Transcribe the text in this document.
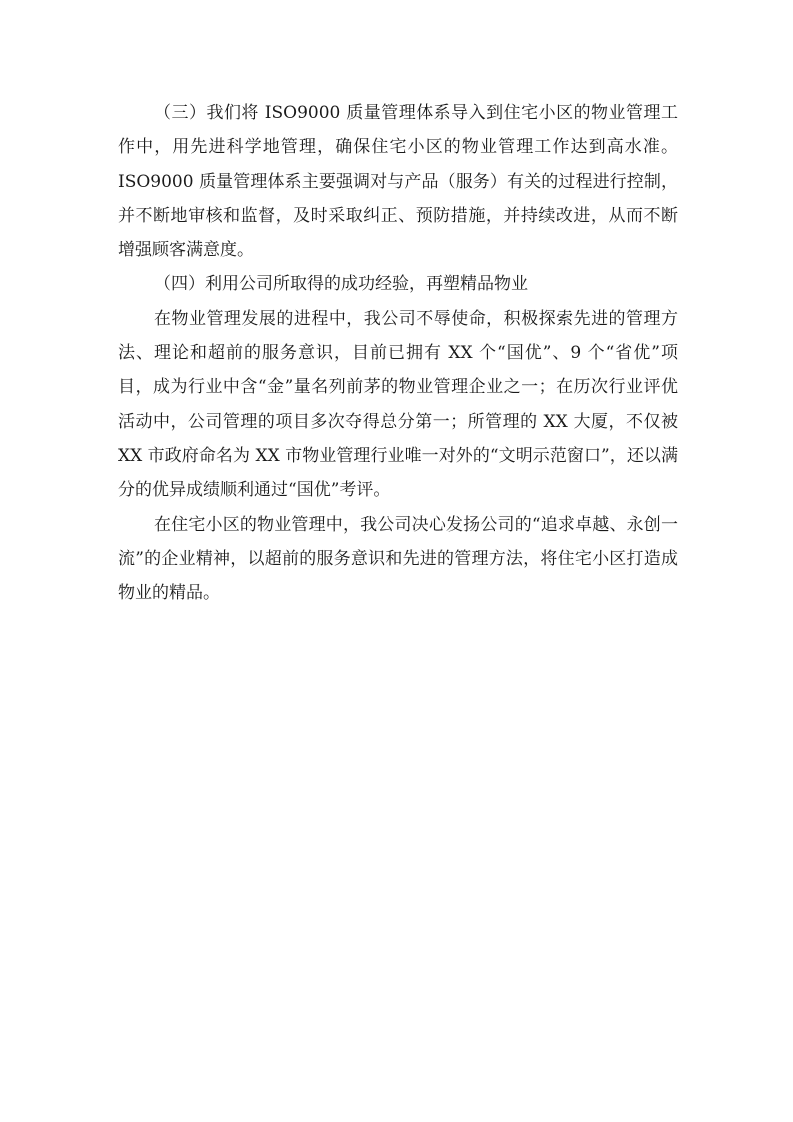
（三）我们将 ISO9000 质量管理体系导入到住宅小区的物业管理工作中，用先进科学地管理，确保住宅小区的物业管理工作达到高水准。ISO9000 质量管理体系主要强调对与产品（服务）有关的过程进行控制，并不断地审核和监督，及时采取纠正、预防措施，并持续改进，从而不断增强顾客满意度。

（四）利用公司所取得的成功经验，再塑精品物业

在物业管理发展的进程中，我公司不辱使命，积极探索先进的管理方法、理论和超前的服务意识，目前已拥有 XX 个“国优”、9 个“省优”项目，成为行业中含“金”量名列前茅的物业管理企业之一；在历次行业评优活动中，公司管理的项目多次夺得总分第一；所管理的 XX 大厦，不仅被 XX 市政府命名为 XX 市物业管理行业唯一对外的“文明示范窗口”，还以满分的优异成绩顺利通过“国优”考评。

在住宅小区的物业管理中，我公司决心发扬公司的“追求卓越、永创一流”的企业精神，以超前的服务意识和先进的管理方法，将住宅小区打造成物业的精品。
